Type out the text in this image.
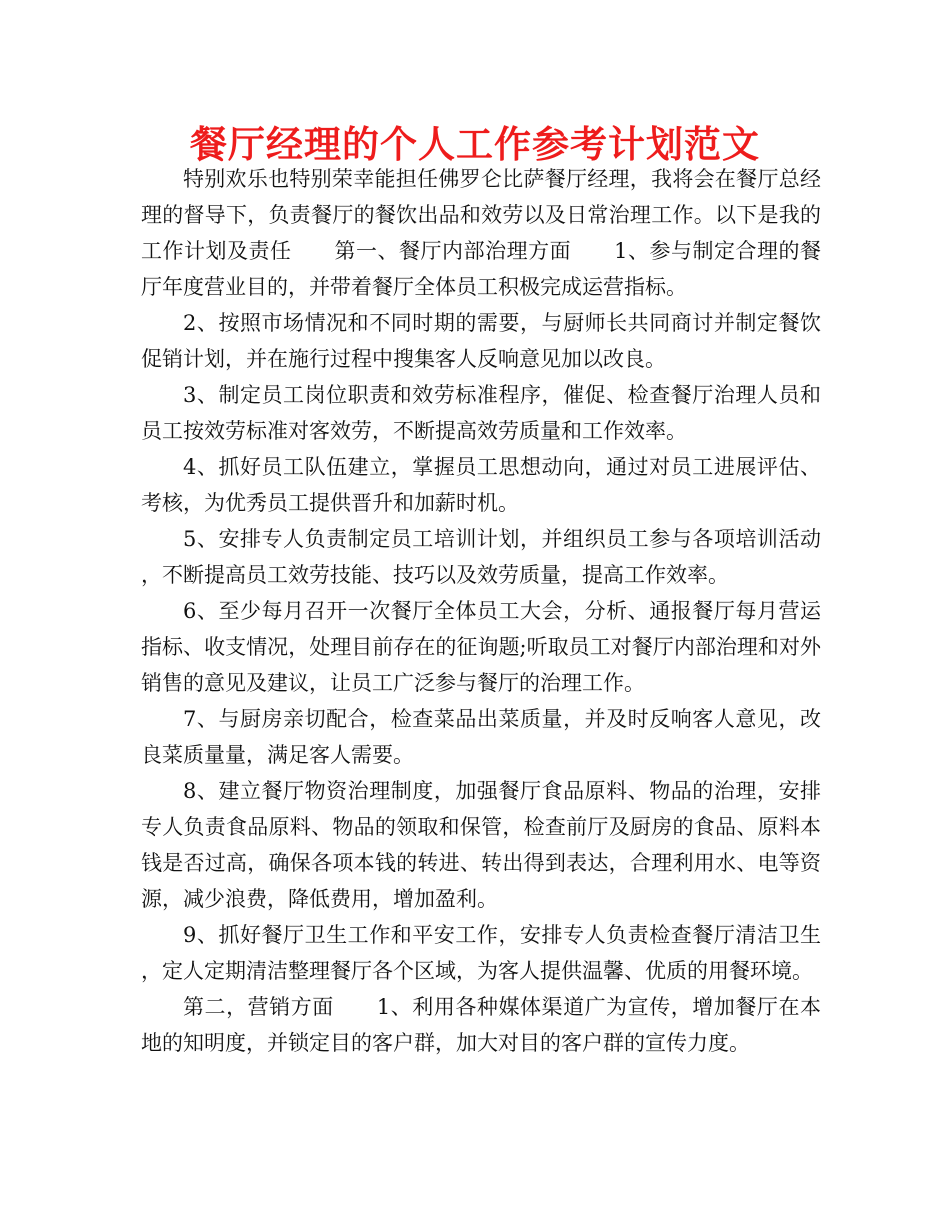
餐厅经理的个人工作参考计划范文

特别欢乐也特别荣幸能担任佛罗仑比萨餐厅经理，我将会在餐厅总经理的督导下，负责餐厅的餐饮出品和效劳以及日常治理工作。以下是我的工作计划及责任　　第一、餐厅内部治理方面　　1、参与制定合理的餐厅年度营业目的，并带着餐厅全体员工积极完成运营指标。

2、按照市场情况和不同时期的需要，与厨师长共同商讨并制定餐饮促销计划，并在施行过程中搜集客人反响意见加以改良。

3、制定员工岗位职责和效劳标准程序，催促、检查餐厅治理人员和员工按效劳标准对客效劳，不断提高效劳质量和工作效率。

4、抓好员工队伍建立，掌握员工思想动向，通过对员工进展评估、考核，为优秀员工提供晋升和加薪时机。

5、安排专人负责制定员工培训计划，并组织员工参与各项培训活动，不断提高员工效劳技能、技巧以及效劳质量，提高工作效率。

6、至少每月召开一次餐厅全体员工大会，分析、通报餐厅每月营运指标、收支情况，处理目前存在的征询题;听取员工对餐厅内部治理和对外销售的意见及建议，让员工广泛参与餐厅的治理工作。

7、与厨房亲切配合，检查菜品出菜质量，并及时反响客人意见，改良菜质量量，满足客人需要。

8、建立餐厅物资治理制度，加强餐厅食品原料、物品的治理，安排专人负责食品原料、物品的领取和保管，检查前厅及厨房的食品、原料本钱是否过高，确保各项本钱的转进、转出得到表达，合理利用水、电等资源，减少浪费，降低费用，增加盈利。

9、抓好餐厅卫生工作和平安工作，安排专人负责检查餐厅清洁卫生，定人定期清洁整理餐厅各个区域，为客人提供温馨、优质的用餐环境。

第二，营销方面　　1、利用各种媒体渠道广为宣传，增加餐厅在本地的知明度，并锁定目的客户群，加大对目的客户群的宣传力度。
